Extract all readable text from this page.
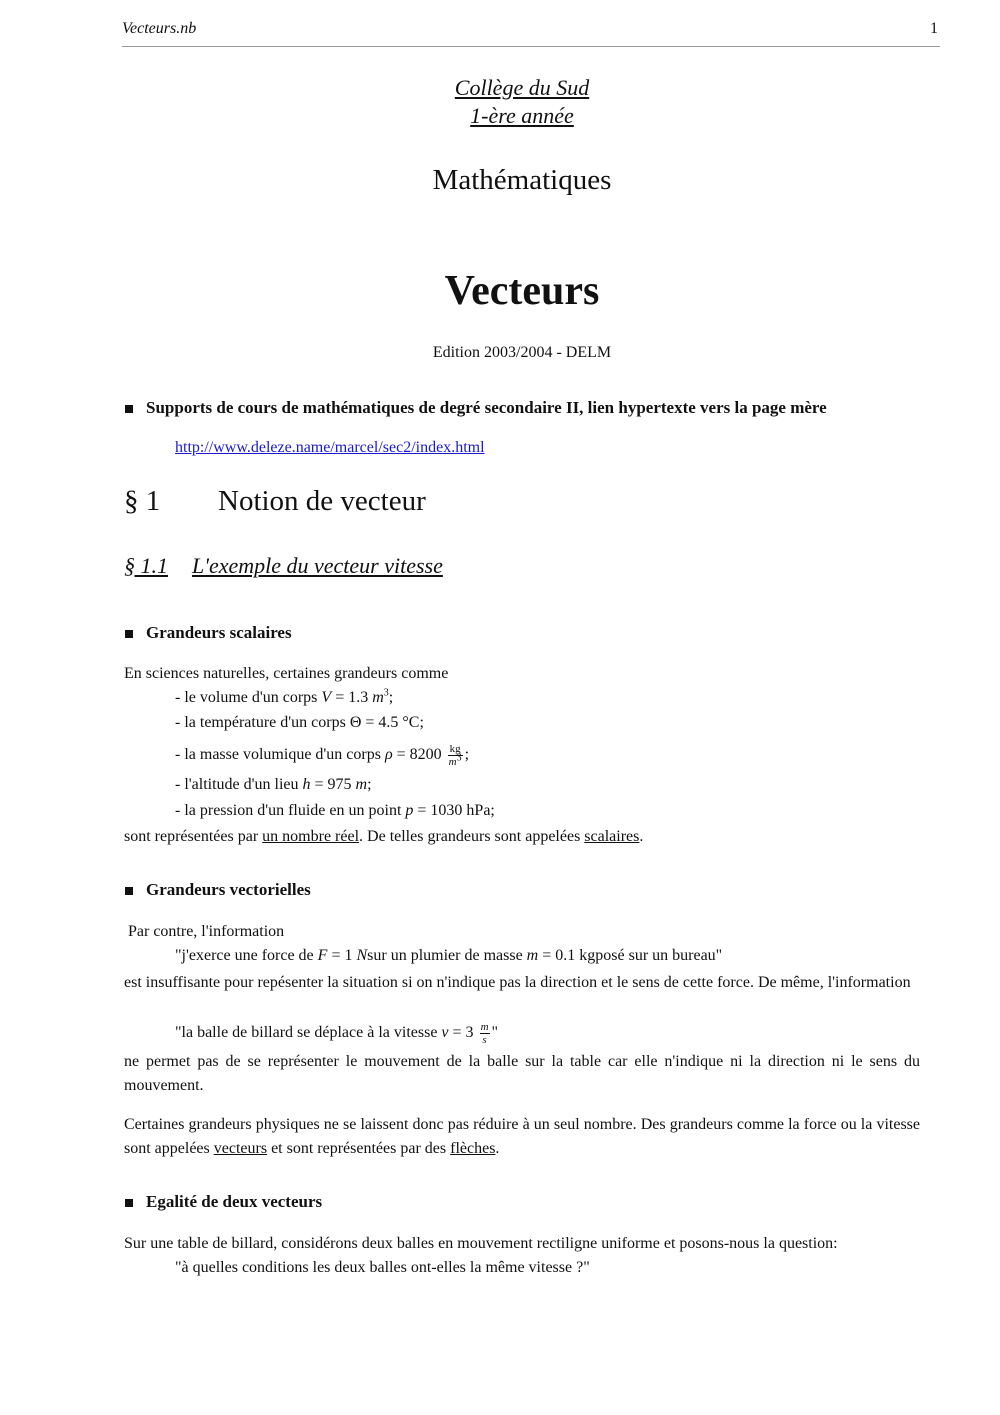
Vecteurs.nb	1
Collège du Sud
1-ère année
Mathématiques
Vecteurs
Edition 2003/2004 - DELM
Supports de cours de mathématiques de degré secondaire II, lien hypertexte vers la page mère
http://www.deleze.name/marcel/sec2/index.html
§ 1 Notion de vecteur
§ 1.1 L'exemple du vecteur vitesse
Grandeurs scalaires
En sciences naturelles, certaines grandeurs comme
- le volume d'un corps V = 1.3 $m^3$;
- la température d'un corps Θ = 4.5 °C;
- la masse volumique d'un corps $\rho = 8200 \frac{kg}{m^3}$ ;
- l'altitude d'un lieu h = 975 m;
- la pression d'un fluide en un point p = 1030 hPa;
sont représentées par un nombre réel. De telles grandeurs sont appelées scalaires.
Grandeurs vectorielles
Par contre, l'information
"j'exerce une force de F = 1 Nsur un plumier de masse m = 0.1 kgposé sur un bureau"
est insuffisante pour repésenter la situation si on n'indique pas la direction et le sens de cette force. De même, l'information
"la balle de billard se déplace à la vitesse $v = 3 \frac{m}{s}$ "
ne permet pas de se représenter le mouvement de la balle sur la table car elle n'indique ni la direction ni le sens du mouvement.
Certaines grandeurs physiques ne se laissent donc pas réduire à un seul nombre. Des grandeurs comme la force ou la vitesse sont appelées vecteurs et sont représentées par des flèches.
Egalité de deux vecteurs
Sur une table de billard, considérons deux balles en mouvement rectiligne uniforme et posons-nous la question:
"à quelles conditions les deux balles ont-elles la même vitesse ?"
